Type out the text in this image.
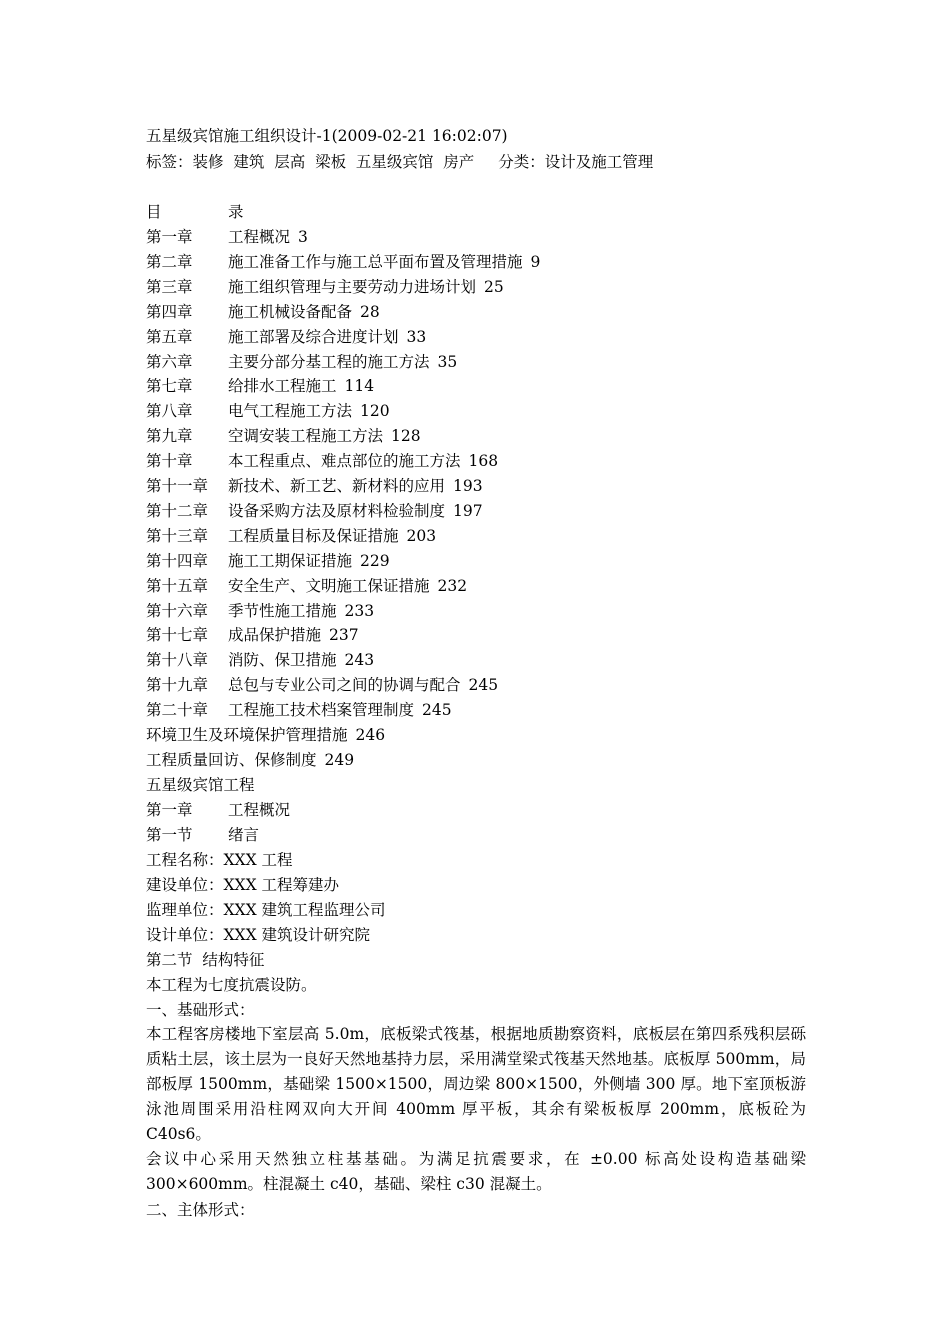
五星级宾馆施工组织设计-1(2009-02-21 16:02:07)
标签：装修  建筑  层高  梁板  五星级宾馆  房产 分类：设计及施工管理
目	录
第一章 工程概况 3
第二章 施工准备工作与施工总平面布置及管理措施 9
第三章 施工组织管理与主要劳动力进场计划 25
第四章 施工机械设备配备 28
第五章 施工部署及综合进度计划 33
第六章 主要分部分基工程的施工方法 35
第七章 给排水工程施工 114
第八章 电气工程施工方法 120
第九章 空调安装工程施工方法 128
第十章 本工程重点、难点部位的施工方法 168
第十一章 新技术、新工艺、新材料的应用 193
第十二章 设备采购方法及原材料检验制度 197
第十三章 工程质量目标及保证措施 203
第十四章 施工工期保证措施 229
第十五章 安全生产、文明施工保证措施 232
第十六章 季节性施工措施 233
第十七章 成品保护措施 237
第十八章 消防、保卫措施 243
第十九章 总包与专业公司之间的协调与配合 245
第二十章 工程施工技术档案管理制度 245
环境卫生及环境保护管理措施 246
工程质量回访、保修制度 249
五星级宾馆工程
第一章 工程概况
第一节 绪言
工程名称：XXX 工程
建设单位：XXX 工程筹建办
监理单位：XXX 建筑工程监理公司
设计单位：XXX 建筑设计研究院
第二节  结构特征
本工程为七度抗震设防。
一、基础形式：
本工程客房楼地下室层高 5.0m，底板梁式筏基，根据地质勘察资料，底板层在第四系残积层砾质粘土层，该土层为一良好天然地基持力层，采用满堂梁式筏基天然地基。底板厚 500mm，局部板厚 1500mm，基础梁 1500×1500，周边梁 800×1500，外侧墙 300 厚。地下室顶板游泳池周围采用沿柱网双向大开间 400mm 厚平板，其余有梁板板厚 200mm，底板砼为 C40s6。
会议中心采用天然独立柱基基础。为满足抗震要求，在 ±0.00 标高处设构造基础梁 300×600mm。柱混凝土 c40，基础、梁柱 c30 混凝土。
二、主体形式：
